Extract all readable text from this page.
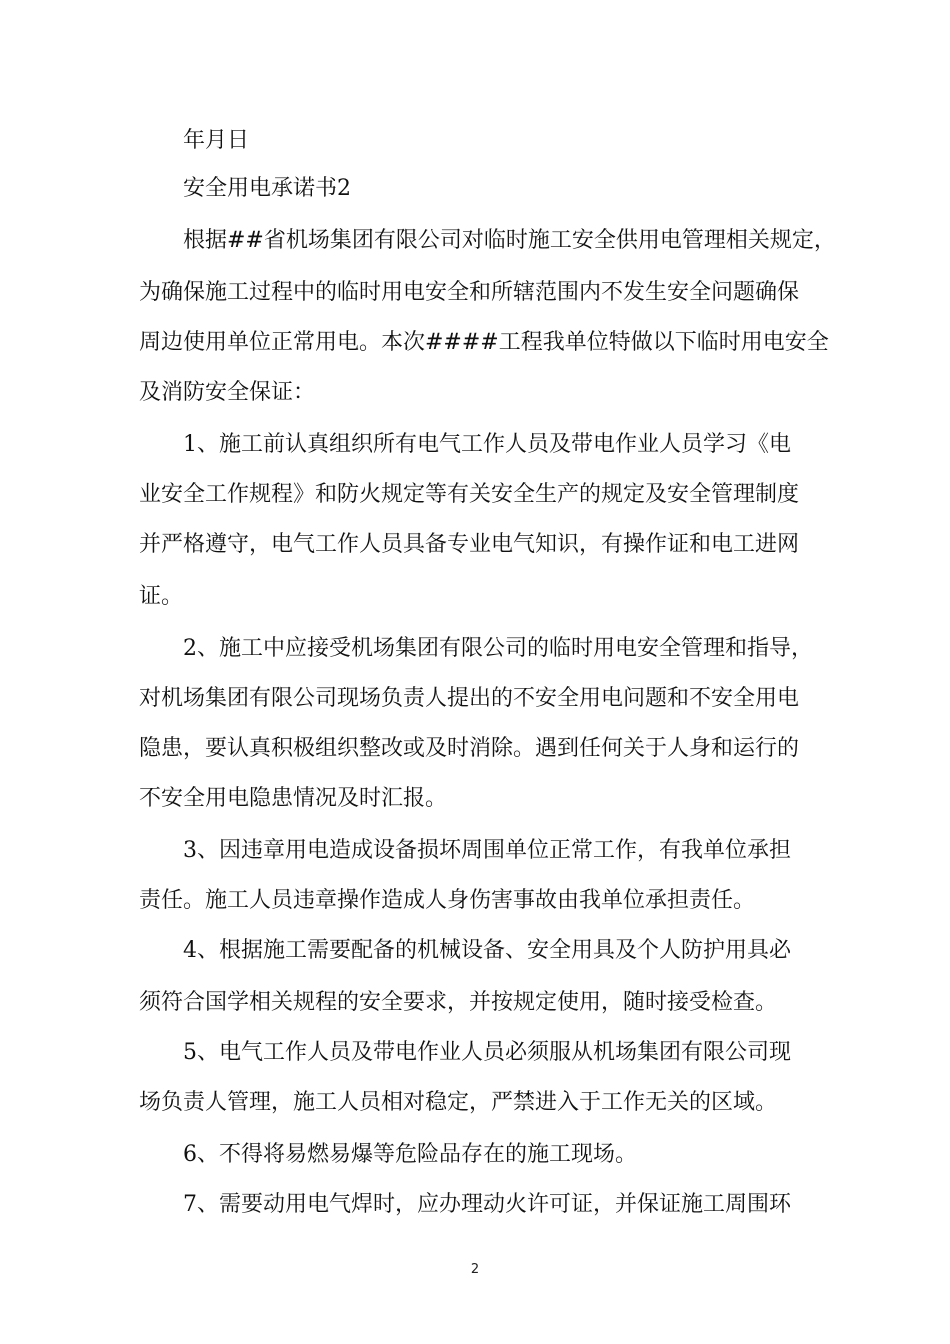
年月日
安全用电承诺书2
根据##省机场集团有限公司对临时施工安全供用电管理相关规定，
为确保施工过程中的临时用电安全和所辖范围内不发生安全问题确保
周边使用单位正常用电。本次####工程我单位特做以下临时用电安全
及消防安全保证：
1、施工前认真组织所有电气工作人员及带电作业人员学习《电
业安全工作规程》和防火规定等有关安全生产的规定及安全管理制度
并严格遵守，电气工作人员具备专业电气知识，有操作证和电工进网
证。
2、施工中应接受机场集团有限公司的临时用电安全管理和指导，
对机场集团有限公司现场负责人提出的不安全用电问题和不安全用电
隐患，要认真积极组织整改或及时消除。遇到任何关于人身和运行的
不安全用电隐患情况及时汇报。
3、因违章用电造成设备损坏周围单位正常工作，有我单位承担
责任。施工人员违章操作造成人身伤害事故由我单位承担责任。
4、根据施工需要配备的机械设备、安全用具及个人防护用具必
须符合国学相关规程的安全要求，并按规定使用，随时接受检查。
5、电气工作人员及带电作业人员必须服从机场集团有限公司现
场负责人管理，施工人员相对稳定，严禁进入于工作无关的区域。
6、不得将易燃易爆等危险品存在的施工现场。
7、需要动用电气焊时，应办理动火许可证，并保证施工周围环
2
